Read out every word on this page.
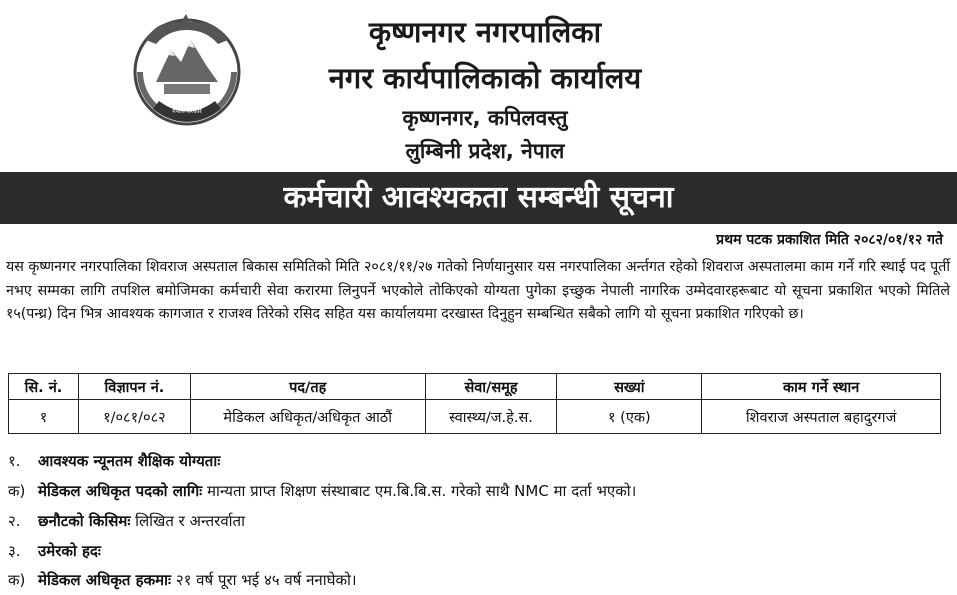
नेपाल सरकार
कृष्णनगर नगरपालिका
नगर कार्यपालिकाको कार्यालय
कृष्णनगर, कपिलवस्तु
लुम्बिनी प्रदेश, नेपाल
कर्मचारी आवश्यकता सम्बन्धी सूचना
प्रथम पटक प्रकाशित मिति २०८२/०१/१२ गते
यस कृष्णनगर नगरपालिका शिवराज अस्पताल बिकास समितिको मिति २०८१/११/२७ गतेको निर्णयानुसार यस नगरपालिका अर्न्तगत रहेको शिवराज अस्पतालमा काम गर्ने गरि स्थाई पद पूर्ती नभए सम्मका लागि तपशिल बमोजिमका कर्मचारी सेवा करारमा लिनुपर्ने भएकोले तोकिएको योग्यता पुगेका इच्छुक नेपाली नागरिक उम्मेदवारहरूबाट यो सूचना प्रकाशित भएको मितिले १५(पन्ध्र) दिन भित्र आवश्यक कागजात र राजश्व तिरेको रसिद सहित यस कार्यालयमा दरखास्त दिनुहुन सम्बन्धित सबैको लागि यो सूचना प्रकाशित गरिएको छ।
सि. नं.	विज्ञापन नं.	पद/तह	सेवा/समूह	सख्यां	काम गर्ने स्थान
१	१/०८१/०८२	मेडिकल अधिकृत/अधिकृत आठौं	स्वास्थ्य/ज.हे.स.	१ (एक)	शिवराज अस्पताल बहादुरगजं
१. आवश्यक न्यूनतम शैक्षिक योग्यताः
क) मेडिकल अधिकृत पदको लागिः मान्यता प्राप्त शिक्षण संस्थाबाट एम.बि.बि.स. गरेको साथै NMC मा दर्ता भएको।
२. छनौटको किसिमः लिखित र अन्तरर्वाता
३. उमेरको हदः
क) मेडिकल अधिकृत हकमाः २१ वर्ष पूरा भई ४५ वर्ष ननाघेको।
